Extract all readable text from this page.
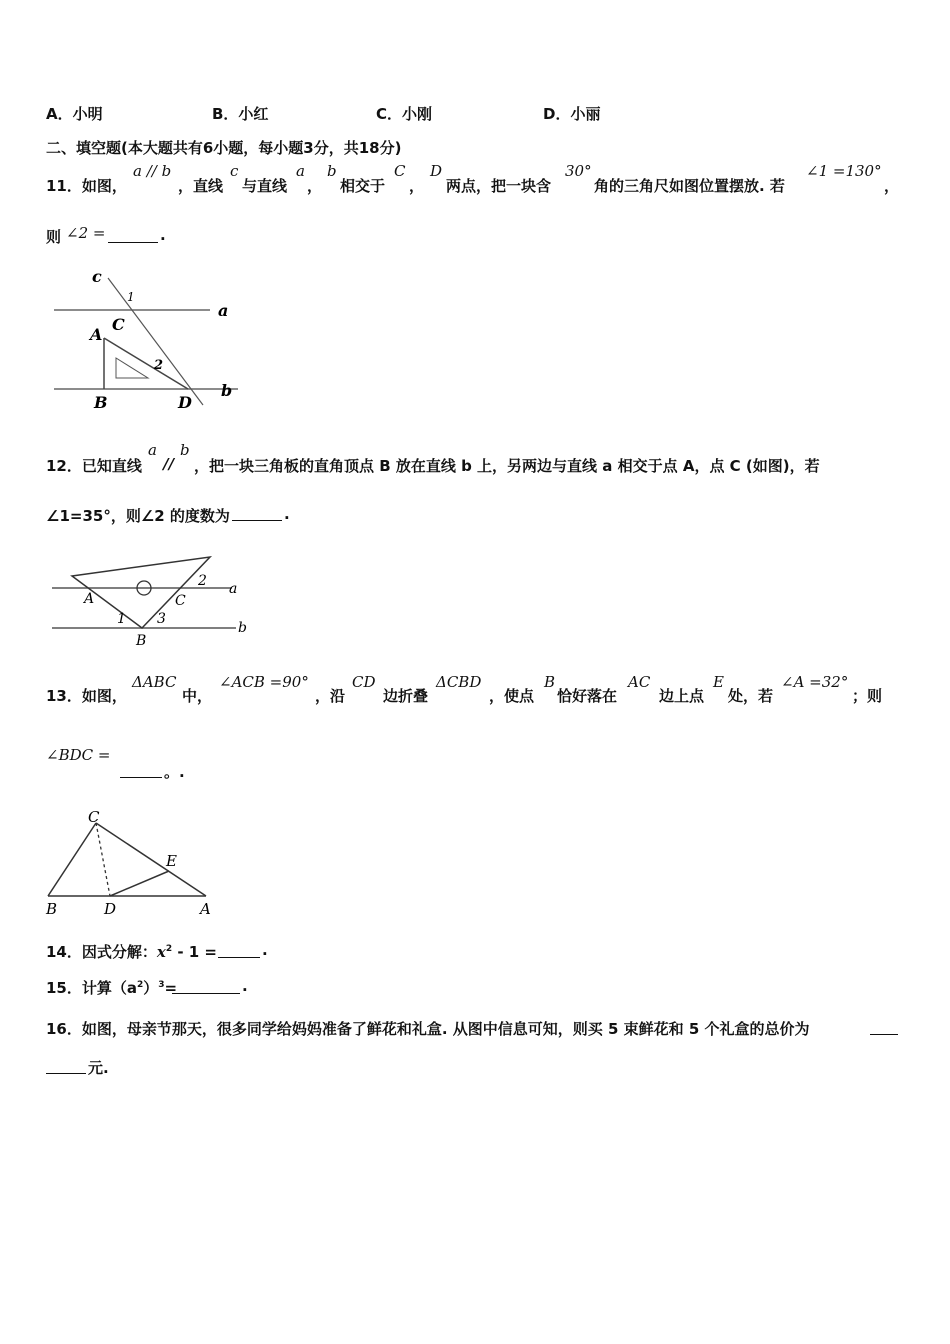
A．小明	B．小红	C．小刚	D．小丽
二、填空题(本大题共有6小题，每小题3分，共18分)
11．如图，
a // b
，直线
c
与直线
a
，
b
相交于
C
，
D
两点，把一块含
30°
角的三角尺如图位置摆放. 若
∠1 =130°
，
则 ∠2 =	.
c
1
C
a
A
2
B	D
b
12．已知直线
a
//
b
，把一块三角板的直角顶点 B 放在直线 b 上，另两边与直线 a 相交于点 A，点 C (如图)，若
∠1=35°，则∠2 的度数为	.
2 a
A	C
1 3
b
B
13．如图，
ΔABC
中，
∠ACB =90°
，沿
CD
边折叠
ΔCBD
，使点
B
恰好落在
AC
边上点
E
处，若
∠A =32°
；则
∠BDC =
。.
C
E
B	D	A
14．因式分解：$x^2 - 1$ =	.
15．计算$(a^2)^3=$	.
16．如图，母亲节那天，很多同学给妈妈准备了鲜花和礼盒. 从图中信息可知，则买 5 束鲜花和 5 个礼盒的总价为
元.
